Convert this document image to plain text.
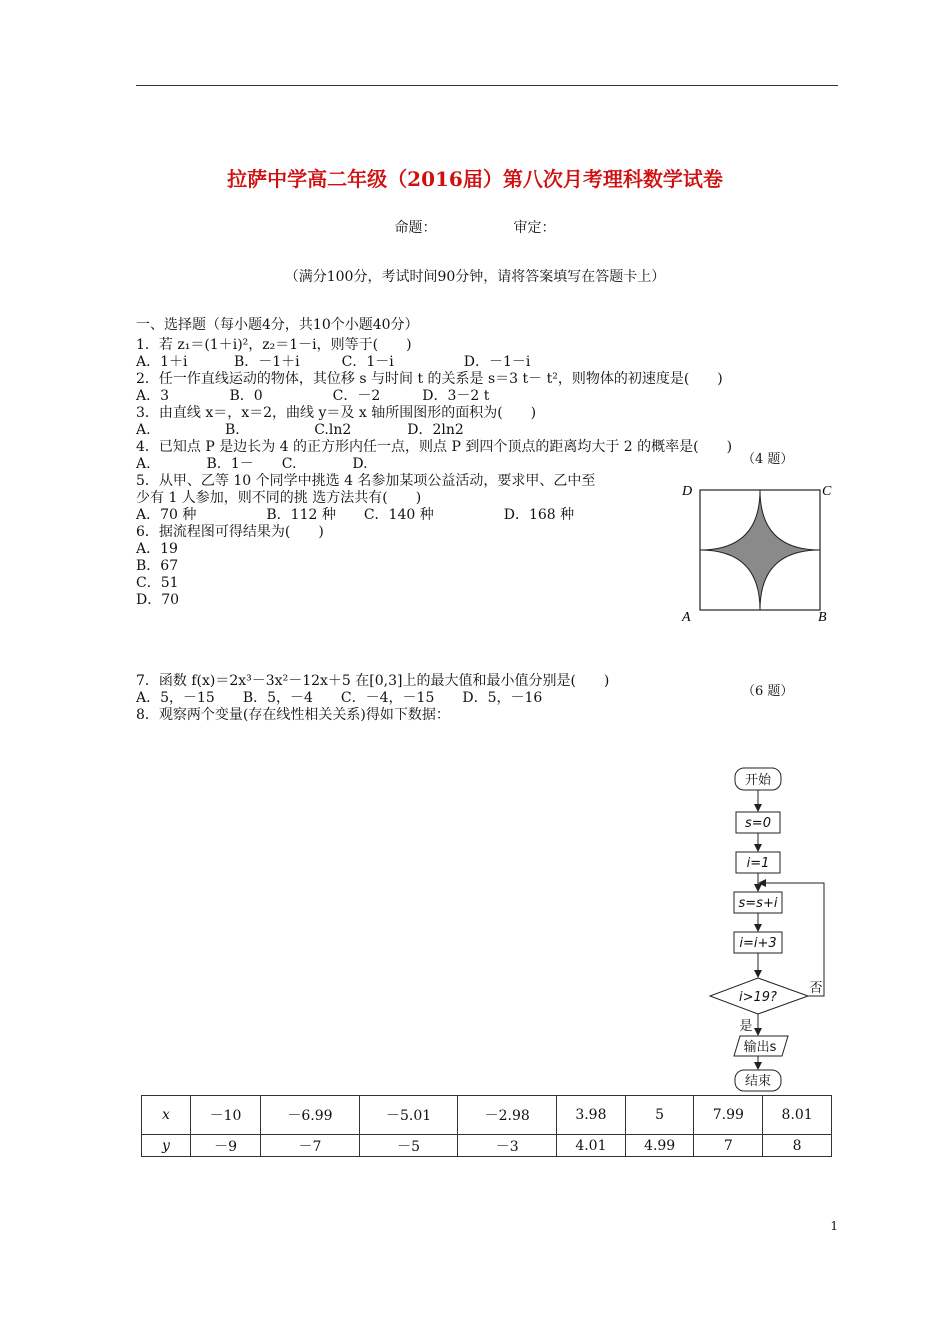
拉萨中学高二年级（2016届）第八次月考理科数学试卷
命题：　　　　　　审定：
（满分100分，考试时间90分钟，请将答案填写在答题卡上）
一、选择题（每小题4分，共10个小题40分）
1．若 z₁＝(1＋i)²，z₂＝1－i，则等于(　　)
A．1＋i　　　 B．－1＋i　　　C．1－i　　　　　D．－1－i
2．任一作直线运动的物体，其位移 s 与时间 t 的关系是 s＝3 t－ t²，则物体的初速度是(　　)
A．3　　　　 B．0　　　　　C．－2　　　D．3－2 t
3．由直线 x＝，x＝2，曲线 y＝及 x 轴所围图形的面积为(　　)
A.　　　　　 B.　　　　　 C.ln2　　　　D．2ln2
4．已知点 P 是边长为 4 的正方形内任一点，则点 P 到四个顶点的距离均大于 2 的概率是(　　)
A.　　　　B．1－　　C.　　　　D.
5．从甲、乙等 10 个同学中挑选 4 名参加某项公益活动，要求甲、乙中至
少有 1 人参加，则不同的挑 选方法共有(　　)
A．70 种　　　　　B．112 种　　C．140 种　　　　　D．168 种
6．据流程图可得结果为(　　)
A．19
B．67
C．51
D．70
7．函数 f(x)＝2x³－3x²－12x＋5 在[0,3]上的最大值和最小值分别是(　　)
A．5，－15　　B．5，－4　　C．－4，－15　　D．5，－16
8．观察两个变量(存在线性相关关系)得如下数据：
（4 题）
D	C
A	B
（6 题）
开始
s=0
i=1
s=s+i
i=i+3
i>19?
否
是
输出s
结束
x	－10	－6.99	－5.01	－2.98	3.98	5	7.99	8.01
y	－9	－7	－5	－3	4.01	4.99	7	8
1
